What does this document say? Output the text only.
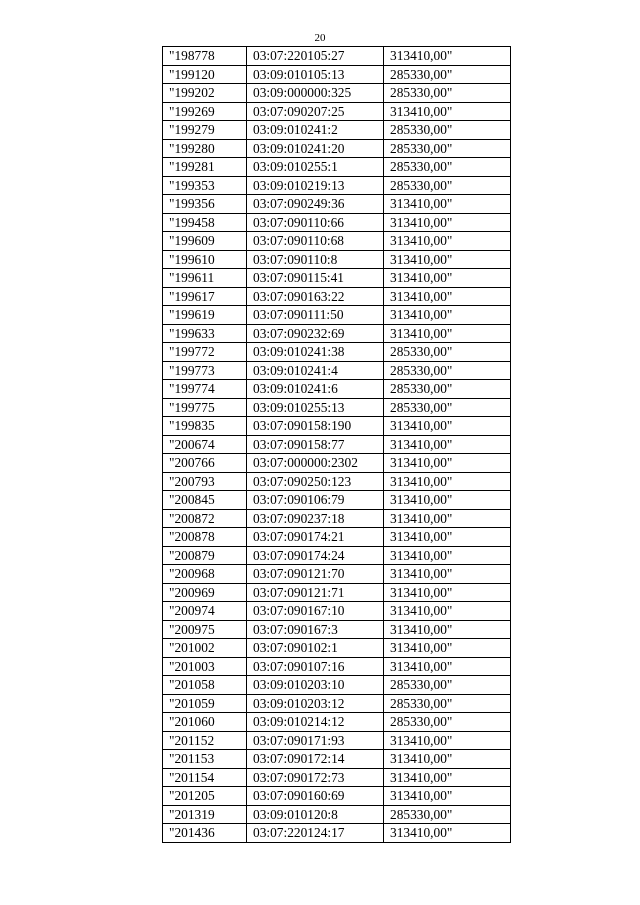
20
"198778	03:07:220105:27	313410,00"
"199120	03:09:010105:13	285330,00"
"199202	03:09:000000:325	285330,00"
"199269	03:07:090207:25	313410,00"
"199279	03:09:010241:2	285330,00"
"199280	03:09:010241:20	285330,00"
"199281	03:09:010255:1	285330,00"
"199353	03:09:010219:13	285330,00"
"199356	03:07:090249:36	313410,00"
"199458	03:07:090110:66	313410,00"
"199609	03:07:090110:68	313410,00"
"199610	03:07:090110:8	313410,00"
"199611	03:07:090115:41	313410,00"
"199617	03:07:090163:22	313410,00"
"199619	03:07:090111:50	313410,00"
"199633	03:07:090232:69	313410,00"
"199772	03:09:010241:38	285330,00"
"199773	03:09:010241:4	285330,00"
"199774	03:09:010241:6	285330,00"
"199775	03:09:010255:13	285330,00"
"199835	03:07:090158:190	313410,00"
"200674	03:07:090158:77	313410,00"
"200766	03:07:000000:2302	313410,00"
"200793	03:07:090250:123	313410,00"
"200845	03:07:090106:79	313410,00"
"200872	03:07:090237:18	313410,00"
"200878	03:07:090174:21	313410,00"
"200879	03:07:090174:24	313410,00"
"200968	03:07:090121:70	313410,00"
"200969	03:07:090121:71	313410,00"
"200974	03:07:090167:10	313410,00"
"200975	03:07:090167:3	313410,00"
"201002	03:07:090102:1	313410,00"
"201003	03:07:090107:16	313410,00"
"201058	03:09:010203:10	285330,00"
"201059	03:09:010203:12	285330,00"
"201060	03:09:010214:12	285330,00"
"201152	03:07:090171:93	313410,00"
"201153	03:07:090172:14	313410,00"
"201154	03:07:090172:73	313410,00"
"201205	03:07:090160:69	313410,00"
"201319	03:09:010120:8	285330,00"
"201436	03:07:220124:17	313410,00"
